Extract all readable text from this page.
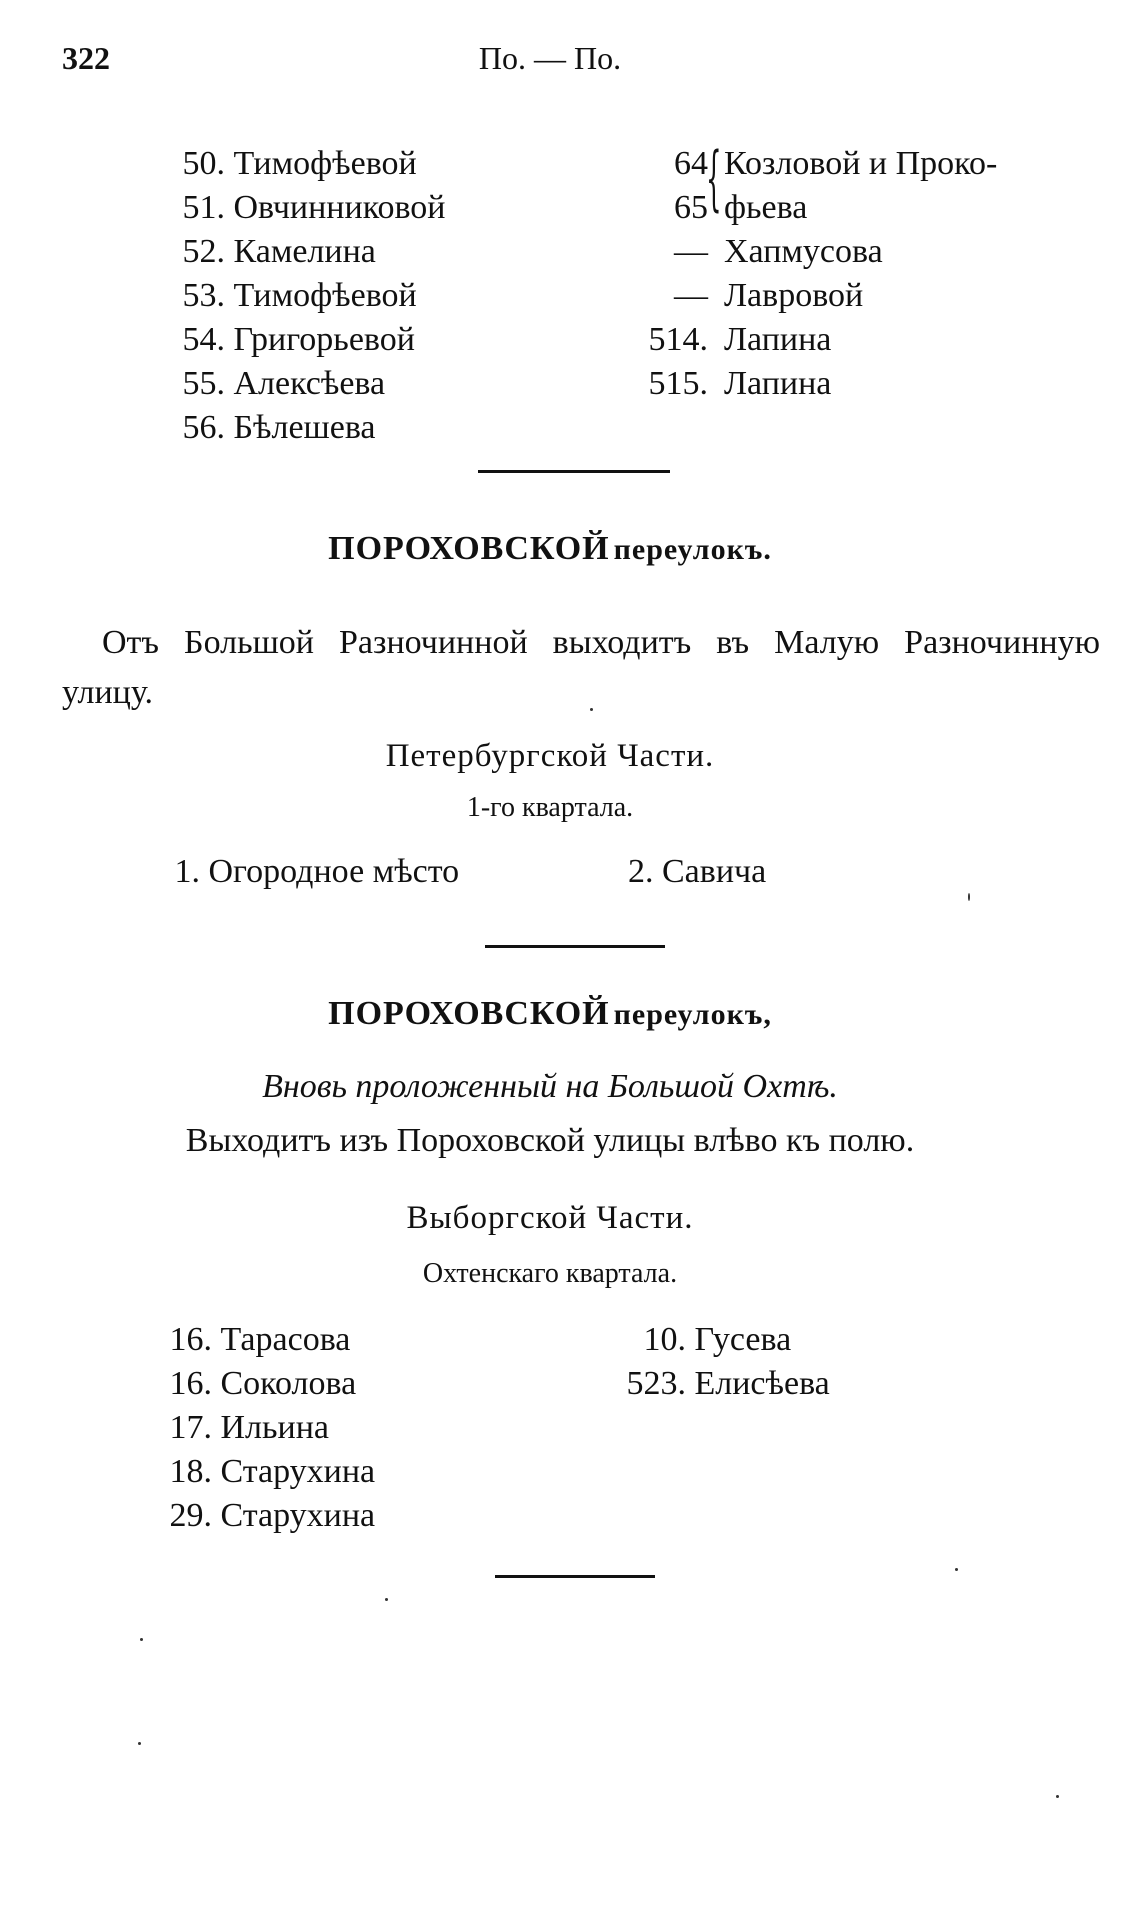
322	По. — По.
50.
Тимофѣевой
51.
Овчинниковой
52.
Камелина
53.
Тимофѣевой
54.
Григорьевой
55.
Алексѣева
56.
Бѣлешева
64 Козловой и Проко-
65 фьева
— Хапмусова
— Лавровой
514. Лапина
515. Лапина
{
ПОРОХОВСКОЙ переулокъ.
Отъ Большой Разночинной выходитъ въ Малую Разночинную улицу.
Петербургской Части.
1-го квартала.
1.
Огородное мѣсто	2.
Савича
ПОРОХОВСКОЙ переулокъ,
Вновь проложенный на Большой Охтѣ.
Выходитъ изъ Пороховской улицы влѣво къ полю.
Выборгской Части.
Охтенскаго квартала.
16.
Тарасова
16.
Соколова
17.
Ильина
18.
Старухина
29.
Старухина
10.
Гусева
523.
Елисѣева
